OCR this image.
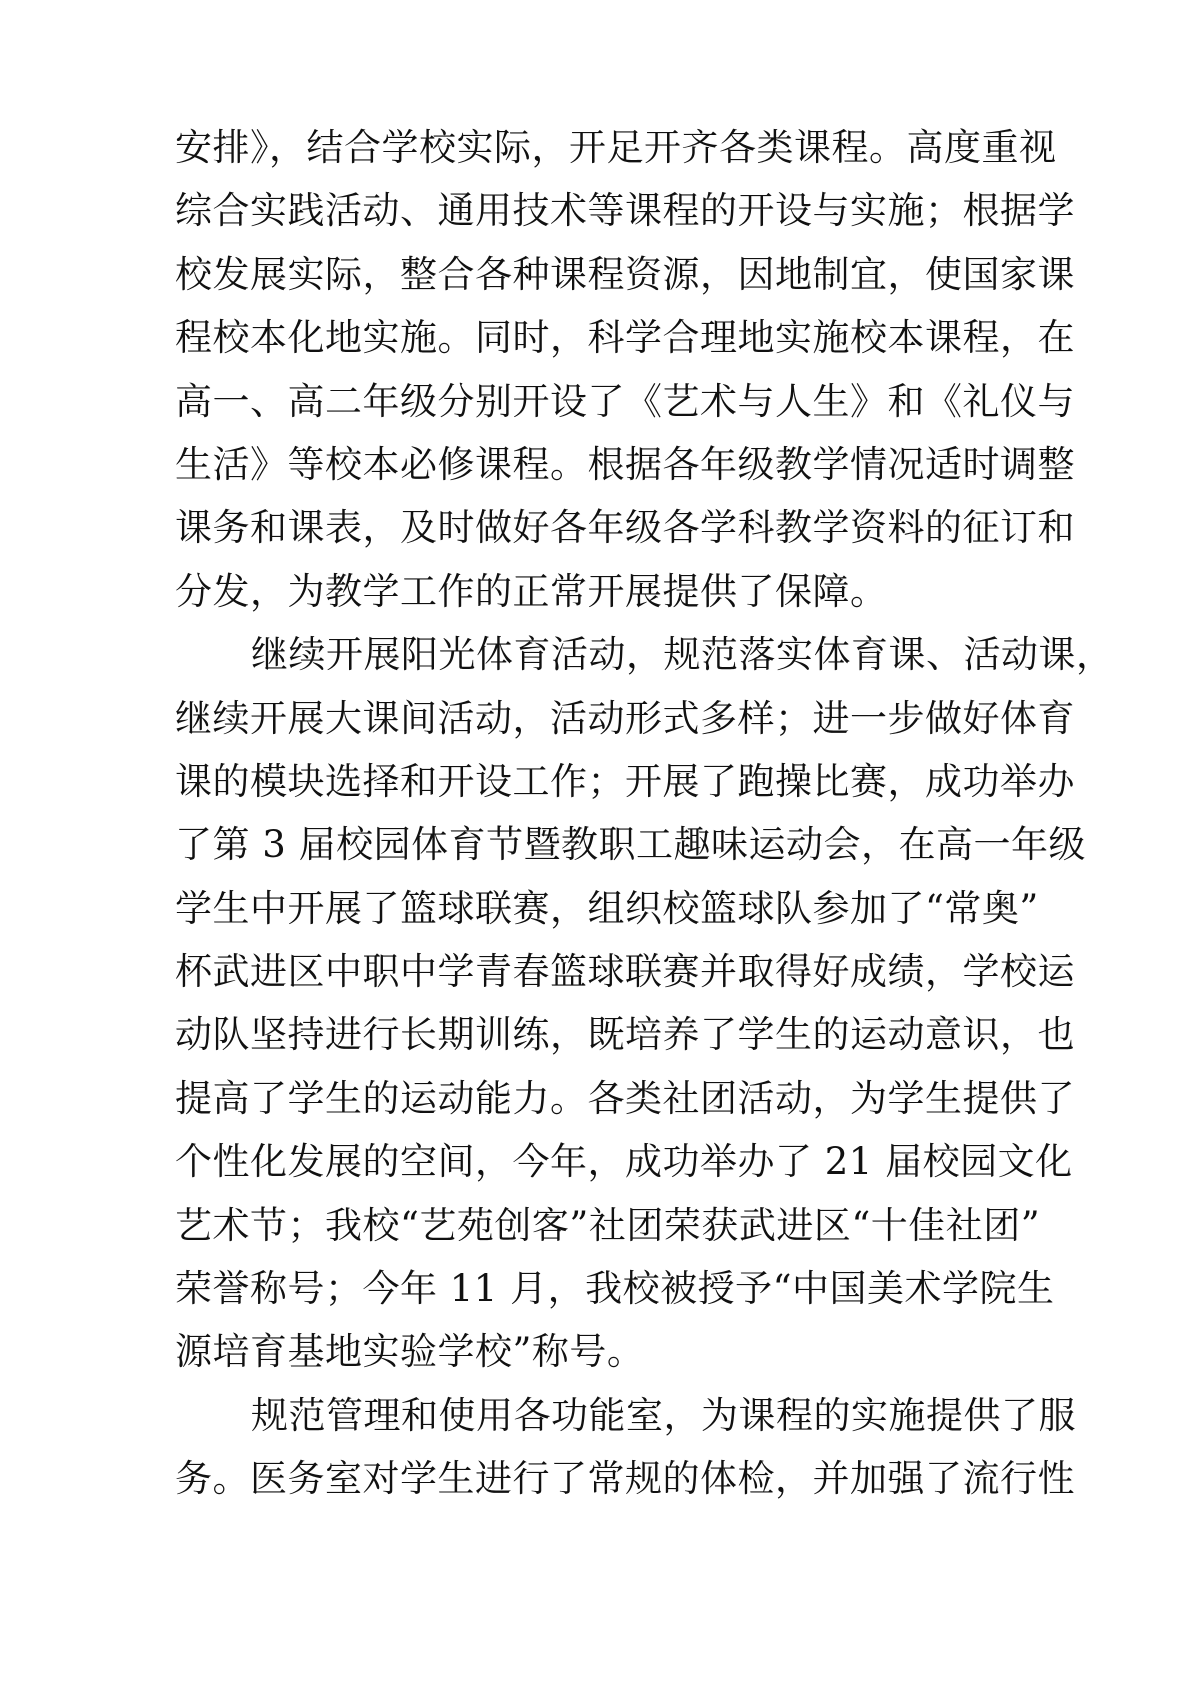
安排》，结合学校实际，开足开齐各类课程。高度重视
综合实践活动、通用技术等课程的开设与实施；根据学
校发展实际，整合各种课程资源，因地制宜，使国家课
程校本化地实施。同时，科学合理地实施校本课程，在
高一、高二年级分别开设了《艺术与人生》和《礼仪与
生活》等校本必修课程。根据各年级教学情况适时调整
课务和课表，及时做好各年级各学科教学资料的征订和
分发，为教学工作的正常开展提供了保障。
继续开展阳光体育活动，规范落实体育课、活动课，
继续开展大课间活动，活动形式多样；进一步做好体育
课的模块选择和开设工作；开展了跑操比赛，成功举办
了第 3 届校园体育节暨教职工趣味运动会，在高一年级
学生中开展了篮球联赛，组织校篮球队参加了“常奥”
杯武进区中职中学青春篮球联赛并取得好成绩，学校运
动队坚持进行长期训练，既培养了学生的运动意识，也
提高了学生的运动能力。各类社团活动，为学生提供了
个性化发展的空间，今年，成功举办了 21 届校园文化
艺术节；我校“艺苑创客”社团荣获武进区“十佳社团”
荣誉称号；今年 11 月，我校被授予“中国美术学院生
源培育基地实验学校”称号。
规范管理和使用各功能室，为课程的实施提供了服
务。医务室对学生进行了常规的体检，并加强了流行性
